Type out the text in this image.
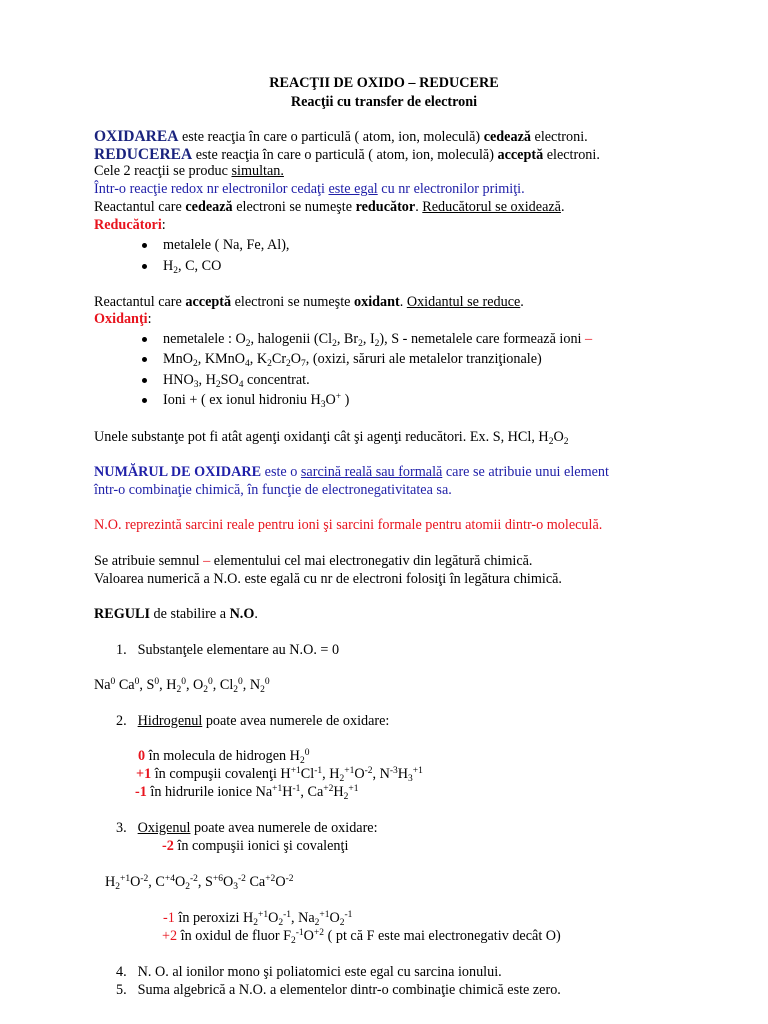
REACŢII DE OXIDO – REDUCERE
Reacţii cu transfer de electroni
OXIDAREA este reacţia în care o particulă ( atom, ion, moleculă) cedează electroni.
REDUCEREA este reacţia în care o particulă ( atom, ion, moleculă) acceptă electroni.
Cele 2 reacţii se produc simultan.
Într-o reacţie redox nr electronilor cedaţi este egal cu nr electronilor primiţi.
Reactantul care cedează electroni se numeşte reducător. Reducătorul se oxidează.
Reducători:
metalele ( Na, Fe, Al),
$H_2$, C, CO
Reactantul care acceptă electroni se numeşte oxidant. Oxidantul se reduce.
Oxidanţi:
nemetalele : $O_2$, halogenii ($Cl_2$, $Br_2$, $I_2$), S - nemetalele care formează ioni –
MnO$_2$, KMnO$_4$, $K_2Cr_2O_7$, (oxizi, săruri ale metalelor tranziţionale)
$HNO_3$, $H_2SO_4$ concentrat.
Ioni + ( ex ionul hidroniu $H_3O^+$ )
Unele substanţe pot fi atât agenţi oxidanţi cât şi agenţi reducători. Ex. S, HCl, $H_2O_2$
NUMĂRUL DE OXIDARE este o sarcină reală sau formală care se atribuie unui element
într-o combinaţie chimică, în funcţie de electronegativitatea sa.
N.O. reprezintă sarcini reale pentru ioni şi sarcini formale pentru atomii dintr-o moleculă.
Se atribuie semnul – elementului cel mai electronegativ din legătură chimică.
Valoarea numerică a N.O. este egală cu nr de electroni folosiţi în legătura chimică.
REGULI de stabilire a N.O.
1. Substanţele elementare au N.O. = 0
Na$^0$ Ca$^0$, $S^0$, $H_2^0$, $O_2^0$, $Cl_2^0$, $N_2^0$
2. Hidrogenul poate avea numerele de oxidare:
0 în molecula de hidrogen $H_2^0$
+1 în compuşii covalenţi $H^{+1}Cl^{-1}$, $H_2^{+1}O^{-2}$, $N^{-3}H_3^{+1}$
-1 în hidrurile ionice $Na^{+1}H^{-1}$, $Ca^{+2}H_2^{+1}$
3. Oxigenul poate avea numerele de oxidare:
-2 în compuşii ionici şi covalenţi
$H_2^{+1}O^{-2}$, $C^{+4}O_2^{-2}$, $S^{+6}O_3^{-2}$ $Ca^{+2}O^{-2}$
-1 în peroxizi $H_2^{+1}O_2^{-1}$, $Na_2^{+1}O_2^{-1}$
+2 în oxidul de fluor $F_2^{-1}O^{+2}$ ( pt că F este mai electronegativ decât O)
4. N. O. al ionilor mono şi poliatomici este egal cu sarcina ionului.
5. Suma algebrică a N.O. a elementelor dintr-o combinaţie chimică este zero.
